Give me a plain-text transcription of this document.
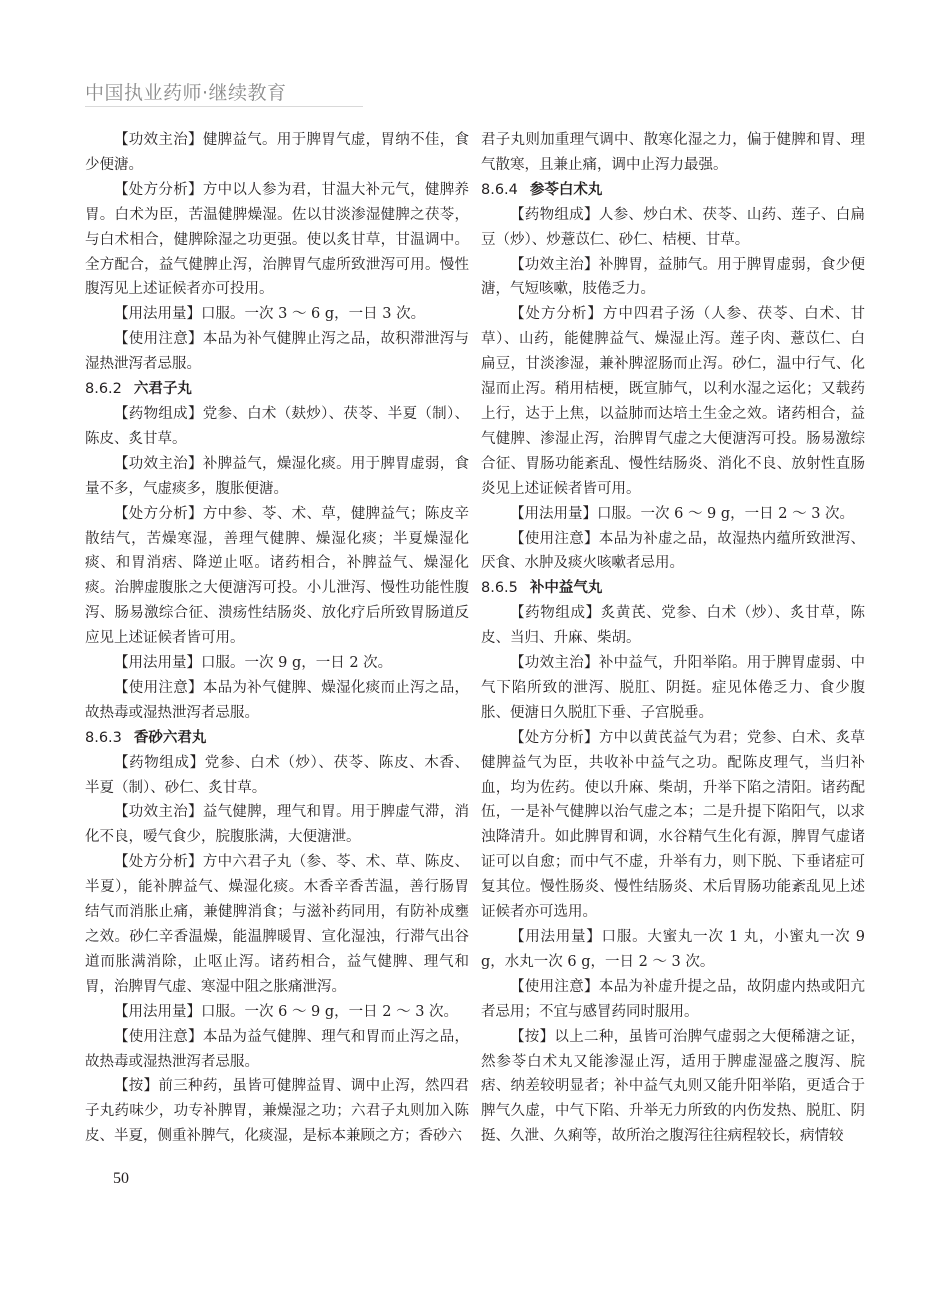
中国执业药师·继续教育

【功效主治】健脾益气。用于脾胃气虚，胃纳不佳，食少便溏。

【处方分析】方中以人参为君，甘温大补元气，健脾养胃。白术为臣，苦温健脾燥湿。佐以甘淡渗湿健脾之茯苓，与白术相合，健脾除湿之功更强。使以炙甘草，甘温调中。全方配合，益气健脾止泻，治脾胃气虚所致泄泻可用。慢性腹泻见上述证候者亦可投用。

【用法用量】口服。一次 3 ～ 6 g，一日 3 次。

【使用注意】本品为补气健脾止泻之品，故积滞泄泻与湿热泄泻者忌服。

8.6.2 六君子丸

【药物组成】党参、白术（麸炒）、茯苓、半夏（制）、陈皮、炙甘草。

【功效主治】补脾益气，燥湿化痰。用于脾胃虚弱，食量不多，气虚痰多，腹胀便溏。

【处方分析】方中参、苓、术、草，健脾益气；陈皮辛散结气，苦燥寒湿，善理气健脾、燥湿化痰；半夏燥湿化痰、和胃消痞、降逆止呕。诸药相合，补脾益气、燥湿化痰。治脾虚腹胀之大便溏泻可投。小儿泄泻、慢性功能性腹泻、肠易激综合征、溃疡性结肠炎、放化疗后所致胃肠道反应见上述证候者皆可用。

【用法用量】口服。一次 9 g，一日 2 次。

【使用注意】本品为补气健脾、燥湿化痰而止泻之品，故热毒或湿热泄泻者忌服。

8.6.3 香砂六君丸

【药物组成】党参、白术（炒）、茯苓、陈皮、木香、半夏（制）、砂仁、炙甘草。

【功效主治】益气健脾，理气和胃。用于脾虚气滞，消化不良，嗳气食少，脘腹胀满，大便溏泄。

【处方分析】方中六君子丸（参、苓、术、草、陈皮、半夏），能补脾益气、燥湿化痰。木香辛香苦温，善行肠胃结气而消胀止痛，兼健脾消食；与滋补药同用，有防补成壅之效。砂仁辛香温燥，能温脾暖胃、宣化湿浊，行滞气出谷道而胀满消除，止呕止泻。诸药相合，益气健脾、理气和胃，治脾胃气虚、寒湿中阻之胀痛泄泻。

【用法用量】口服。一次 6 ～ 9 g，一日 2 ～ 3 次。

【使用注意】本品为益气健脾、理气和胃而止泻之品，故热毒或湿热泄泻者忌服。

【按】前三种药，虽皆可健脾益胃、调中止泻，然四君子丸药味少，功专补脾胃，兼燥湿之功；六君子丸则加入陈皮、半夏，侧重补脾气，化痰湿，是标本兼顾之方；香砂六

君子丸则加重理气调中、散寒化湿之力，偏于健脾和胃、理气散寒，且兼止痛，调中止泻力最强。

8.6.4 参苓白术丸

【药物组成】人参、炒白术、茯苓、山药、莲子、白扁豆（炒）、炒薏苡仁、砂仁、桔梗、甘草。

【功效主治】补脾胃，益肺气。用于脾胃虚弱，食少便溏，气短咳嗽，肢倦乏力。

【处方分析】方中四君子汤（人参、茯苓、白术、甘草）、山药，能健脾益气、燥湿止泻。莲子肉、薏苡仁、白扁豆，甘淡渗湿，兼补脾涩肠而止泻。砂仁，温中行气、化湿而止泻。稍用桔梗，既宣肺气，以利水湿之运化；又载药上行，达于上焦，以益肺而达培土生金之效。诸药相合，益气健脾、渗湿止泻，治脾胃气虚之大便溏泻可投。肠易激综合征、胃肠功能紊乱、慢性结肠炎、消化不良、放射性直肠炎见上述证候者皆可用。

【用法用量】口服。一次 6 ～ 9 g，一日 2 ～ 3 次。

【使用注意】本品为补虚之品，故湿热内蕴所致泄泻、厌食、水肿及痰火咳嗽者忌用。

8.6.5 补中益气丸

【药物组成】炙黄芪、党参、白术（炒）、炙甘草，陈皮、当归、升麻、柴胡。

【功效主治】补中益气，升阳举陷。用于脾胃虚弱、中气下陷所致的泄泻、脱肛、阴挺。症见体倦乏力、食少腹胀、便溏日久脱肛下垂、子宫脱垂。

【处方分析】方中以黄芪益气为君；党参、白术、炙草健脾益气为臣，共收补中益气之功。配陈皮理气，当归补血，均为佐药。使以升麻、柴胡，升举下陷之清阳。诸药配伍，一是补气健脾以治气虚之本；二是升提下陷阳气，以求浊降清升。如此脾胃和调，水谷精气生化有源，脾胃气虚诸证可以自愈；而中气不虚，升举有力，则下脱、下垂诸症可复其位。慢性肠炎、慢性结肠炎、术后胃肠功能紊乱见上述证候者亦可选用。

【用法用量】口服。大蜜丸一次 1 丸，小蜜丸一次 9 g，水丸一次 6 g，一日 2 ～ 3 次。

【使用注意】本品为补虚升提之品，故阴虚内热或阳亢者忌用；不宜与感冒药同时服用。

【按】以上二种，虽皆可治脾气虚弱之大便稀溏之证，然参苓白术丸又能渗湿止泻，适用于脾虚湿盛之腹泻、脘痞、纳差较明显者；补中益气丸则又能升阳举陷，更适合于脾气久虚，中气下陷、升举无力所致的内伤发热、脱肛、阴挺、久泄、久痢等，故所治之腹泻往往病程较长，病情较

50
